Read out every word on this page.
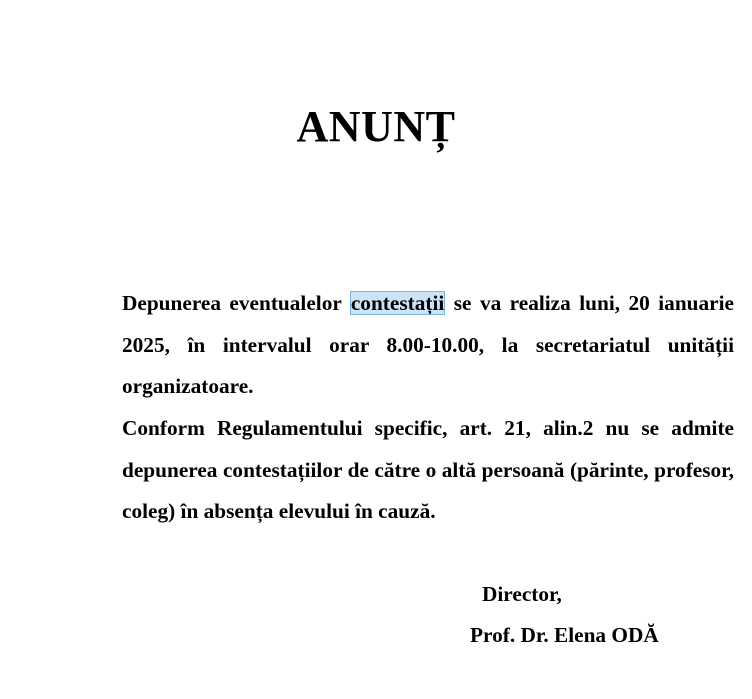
ANUNȚ

Depunerea eventualelor contestații se va realiza luni, 20 ianuarie 2025, în intervalul orar 8.00-10.00, la secretariatul unității organizatoare.

Conform Regulamentului specific, art. 21, alin.2 nu se admite depunerea contestațiilor de către o altă persoană (părinte, profesor, coleg) în absența elevului în cauză.

Director,
Prof. Dr. Elena ODĂ
